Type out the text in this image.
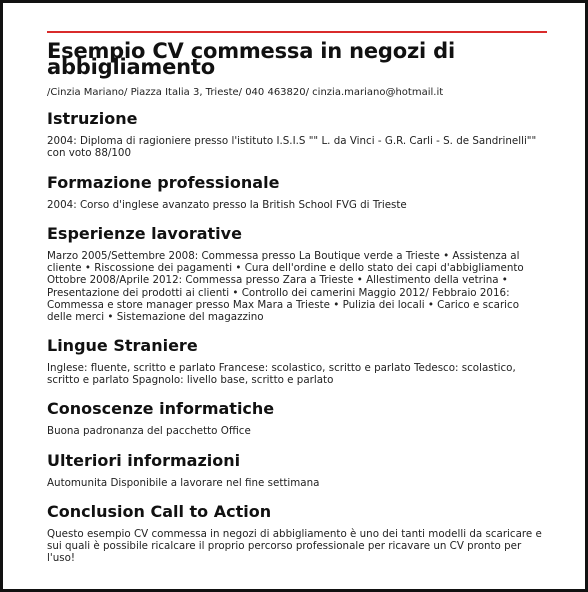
Esempio CV commessa in negozi di abbigliamento
/Cinzia Mariano/ Piazza Italia 3, Trieste/ 040 463820/ cinzia.mariano@hotmail.it
Istruzione

2004: Diploma di ragioniere presso l'istituto I.S.I.S "" L. da Vinci - G.R. Carli - S. de Sandrinelli"" con voto 88/100

Formazione professionale

2004: Corso d'inglese avanzato presso la British School FVG di Trieste

Esperienze lavorative

Marzo 2005/Settembre 2008: Commessa presso La Boutique verde a Trieste • Assistenza al cliente • Riscossione dei pagamenti • Cura dell'ordine e dello stato dei capi d'abbigliamento Ottobre 2008/Aprile 2012: Commessa presso Zara a Trieste • Allestimento della vetrina • Presentazione dei prodotti ai clienti • Controllo dei camerini Maggio 2012/ Febbraio 2016: Commessa e store manager presso Max Mara a Trieste • Pulizia dei locali • Carico e scarico delle merci • Sistemazione del magazzino

Lingue Straniere

Inglese: fluente, scritto e parlato Francese: scolastico, scritto e parlato Tedesco: scolastico, scritto e parlato Spagnolo: livello base, scritto e parlato

Conoscenze informatiche

Buona padronanza del pacchetto Office

Ulteriori informazioni

Automunita Disponibile a lavorare nel fine settimana

Conclusion Call to Action

Questo esempio CV commessa in negozi di abbigliamento è uno dei tanti modelli da scaricare e sui quali è possibile ricalcare il proprio percorso professionale per ricavare un CV pronto per l'uso!
